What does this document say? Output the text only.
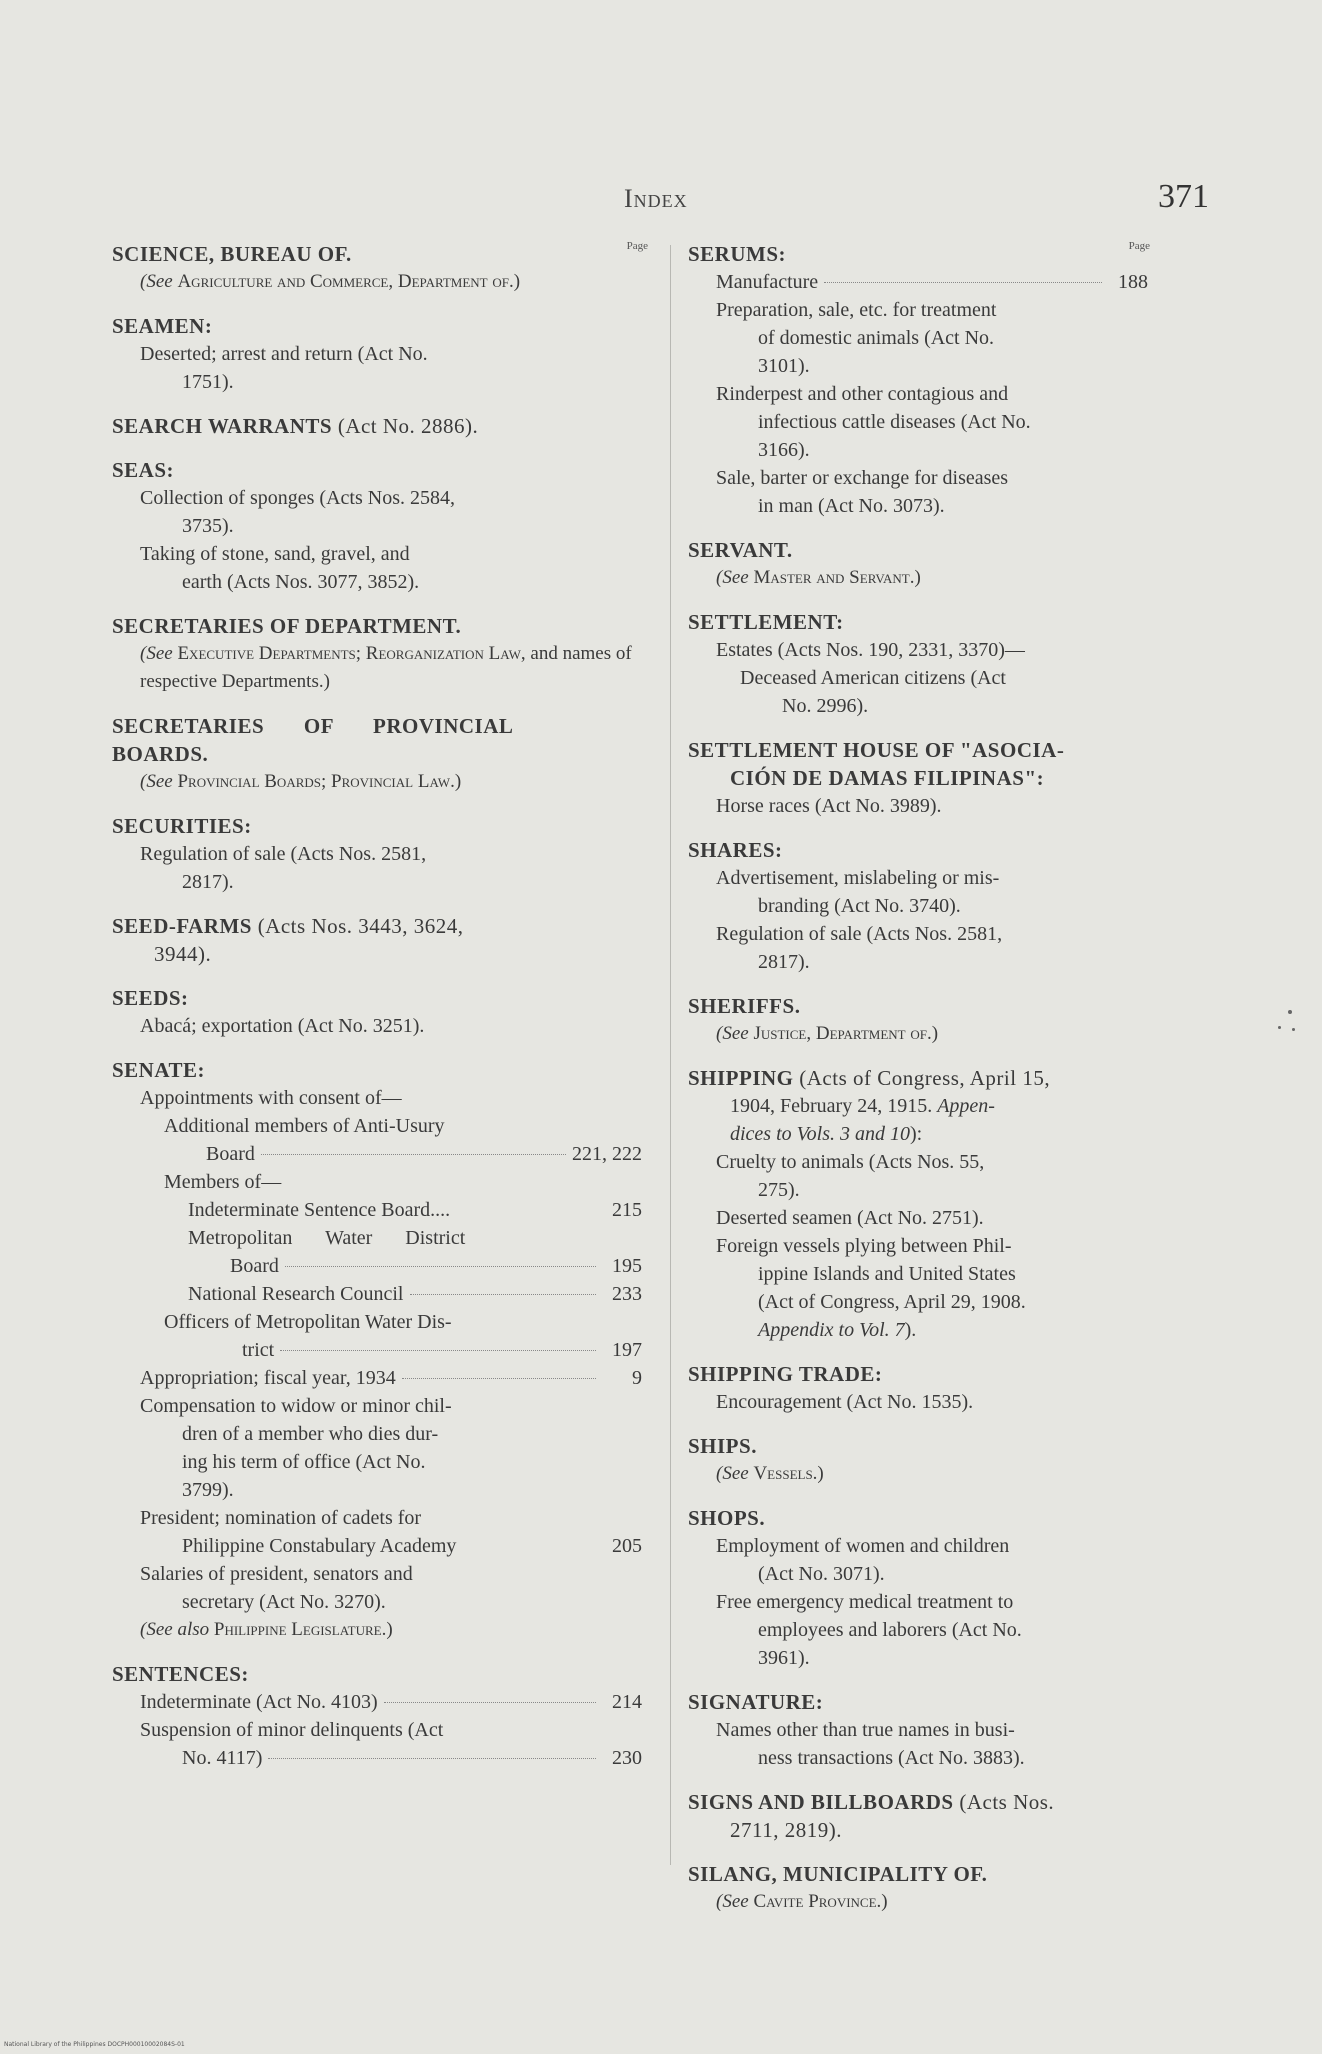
Index	371
Page
SCIENCE, BUREAU OF.
(See Agriculture and Commerce, Department of.)
SEAMEN:
Deserted; arrest and return (Act No.
1751).
SEARCH WARRANTS (Act No. 2886).
SEAS:
Collection of sponges (Acts Nos. 2584,
3735).
Taking of stone, sand, gravel, and
earth (Acts Nos. 3077, 3852).
SECRETARIES OF DEPARTMENT.
(See Executive Departments; Reorganization Law, and names of respective Departments.)
SECRETARIES OF PROVINCIAL
BOARDS.
(See Provincial Boards; Provincial Law.)
SECURITIES:
Regulation of sale (Acts Nos. 2581,
2817).
SEED-FARMS (Acts Nos. 3443, 3624,
3944).
SEEDS:
Abacá; exportation (Act No. 3251).
SENATE:
Appointments with consent of—
Additional members of Anti-Usury
Board	221, 222
Members of—
Indeterminate Sentence Board....	215
Metropolitan Water District
Board	195
National Research Council	233
Officers of Metropolitan Water Dis-
trict	197
Appropriation; fiscal year, 1934	9
Compensation to widow or minor chil-
dren of a member who dies dur-
ing his term of office (Act No.
3799).
President; nomination of cadets for
Philippine Constabulary Academy	205
Salaries of president, senators and
secretary (Act No. 3270).
(See also Philippine Legislature.)
SENTENCES:
Indeterminate (Act No. 4103)	214
Suspension of minor delinquents (Act
No. 4117)	230
Page
SERUMS:
Manufacture	188
Preparation, sale, etc. for treatment
of domestic animals (Act No.
3101).
Rinderpest and other contagious and
infectious cattle diseases (Act No.
3166).
Sale, barter or exchange for diseases
in man (Act No. 3073).
SERVANT.
(See Master and Servant.)
SETTLEMENT:
Estates (Acts Nos. 190, 2331, 3370)—
Deceased American citizens (Act
No. 2996).
SETTLEMENT HOUSE OF "ASOCIA-
CIÓN DE DAMAS FILIPINAS":
Horse races (Act No. 3989).
SHARES:
Advertisement, mislabeling or mis-
branding (Act No. 3740).
Regulation of sale (Acts Nos. 2581,
2817).
SHERIFFS.
(See Justice, Department of.)
SHIPPING (Acts of Congress, April 15,
1904, February 24, 1915. Appen-
dices to Vols. 3 and 10):
Cruelty to animals (Acts Nos. 55,
275).
Deserted seamen (Act No. 2751).
Foreign vessels plying between Phil-
ippine Islands and United States
(Act of Congress, April 29, 1908.
Appendix to Vol. 7).
SHIPPING TRADE:
Encouragement (Act No. 1535).
SHIPS.
(See Vessels.)
SHOPS.
Employment of women and children
(Act No. 3071).
Free emergency medical treatment to
employees and laborers (Act No.
3961).
SIGNATURE:
Names other than true names in busi-
ness transactions (Act No. 3883).
SIGNS AND BILLBOARDS (Acts Nos.
2711, 2819).
SILANG, MUNICIPALITY OF.
(See Cavite Province.)
National Library of the Philippines DOCPH00010002084S-01
